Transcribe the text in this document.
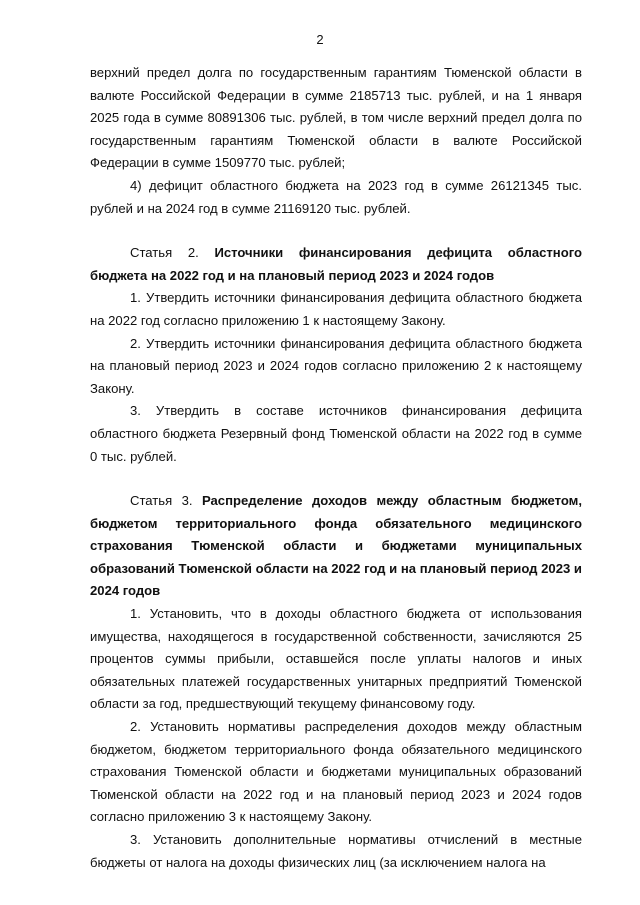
2

верхний предел долга по государственным гарантиям Тюменской области в валюте Российской Федерации в сумме 2185713 тыс. рублей, и на 1 января 2025 года в сумме 80891306 тыс. рублей, в том числе верхний предел долга по государственным гарантиям Тюменской области в валюте Российской Федерации в сумме 1509770 тыс. рублей;

4) дефицит областного бюджета на 2023 год в сумме 26121345 тыс. рублей и на 2024 год в сумме 21169120 тыс. рублей.

Статья 2. Источники финансирования дефицита областного бюджета на 2022 год и на плановый период 2023 и 2024 годов

1. Утвердить источники финансирования дефицита областного бюджета на 2022 год согласно приложению 1 к настоящему Закону.

2. Утвердить источники финансирования дефицита областного бюджета на плановый период 2023 и 2024 годов согласно приложению 2 к настоящему Закону.

3. Утвердить в составе источников финансирования дефицита областного бюджета Резервный фонд Тюменской области на 2022 год в сумме 0 тыс. рублей.

Статья 3. Распределение доходов между областным бюджетом, бюджетом территориального фонда обязательного медицинского страхования Тюменской области и бюджетами муниципальных образований Тюменской области на 2022 год и на плановый период 2023 и 2024 годов

1. Установить, что в доходы областного бюджета от использования имущества, находящегося в государственной собственности, зачисляются 25 процентов суммы прибыли, оставшейся после уплаты налогов и иных обязательных платежей государственных унитарных предприятий Тюменской области за год, предшествующий текущему финансовому году.

2. Установить нормативы распределения доходов между областным бюджетом, бюджетом территориального фонда обязательного медицинского страхования Тюменской области и бюджетами муниципальных образований Тюменской области на 2022 год и на плановый период 2023 и 2024 годов согласно приложению 3 к настоящему Закону.

3. Установить дополнительные нормативы отчислений в местные бюджеты от налога на доходы физических лиц (за исключением налога на
